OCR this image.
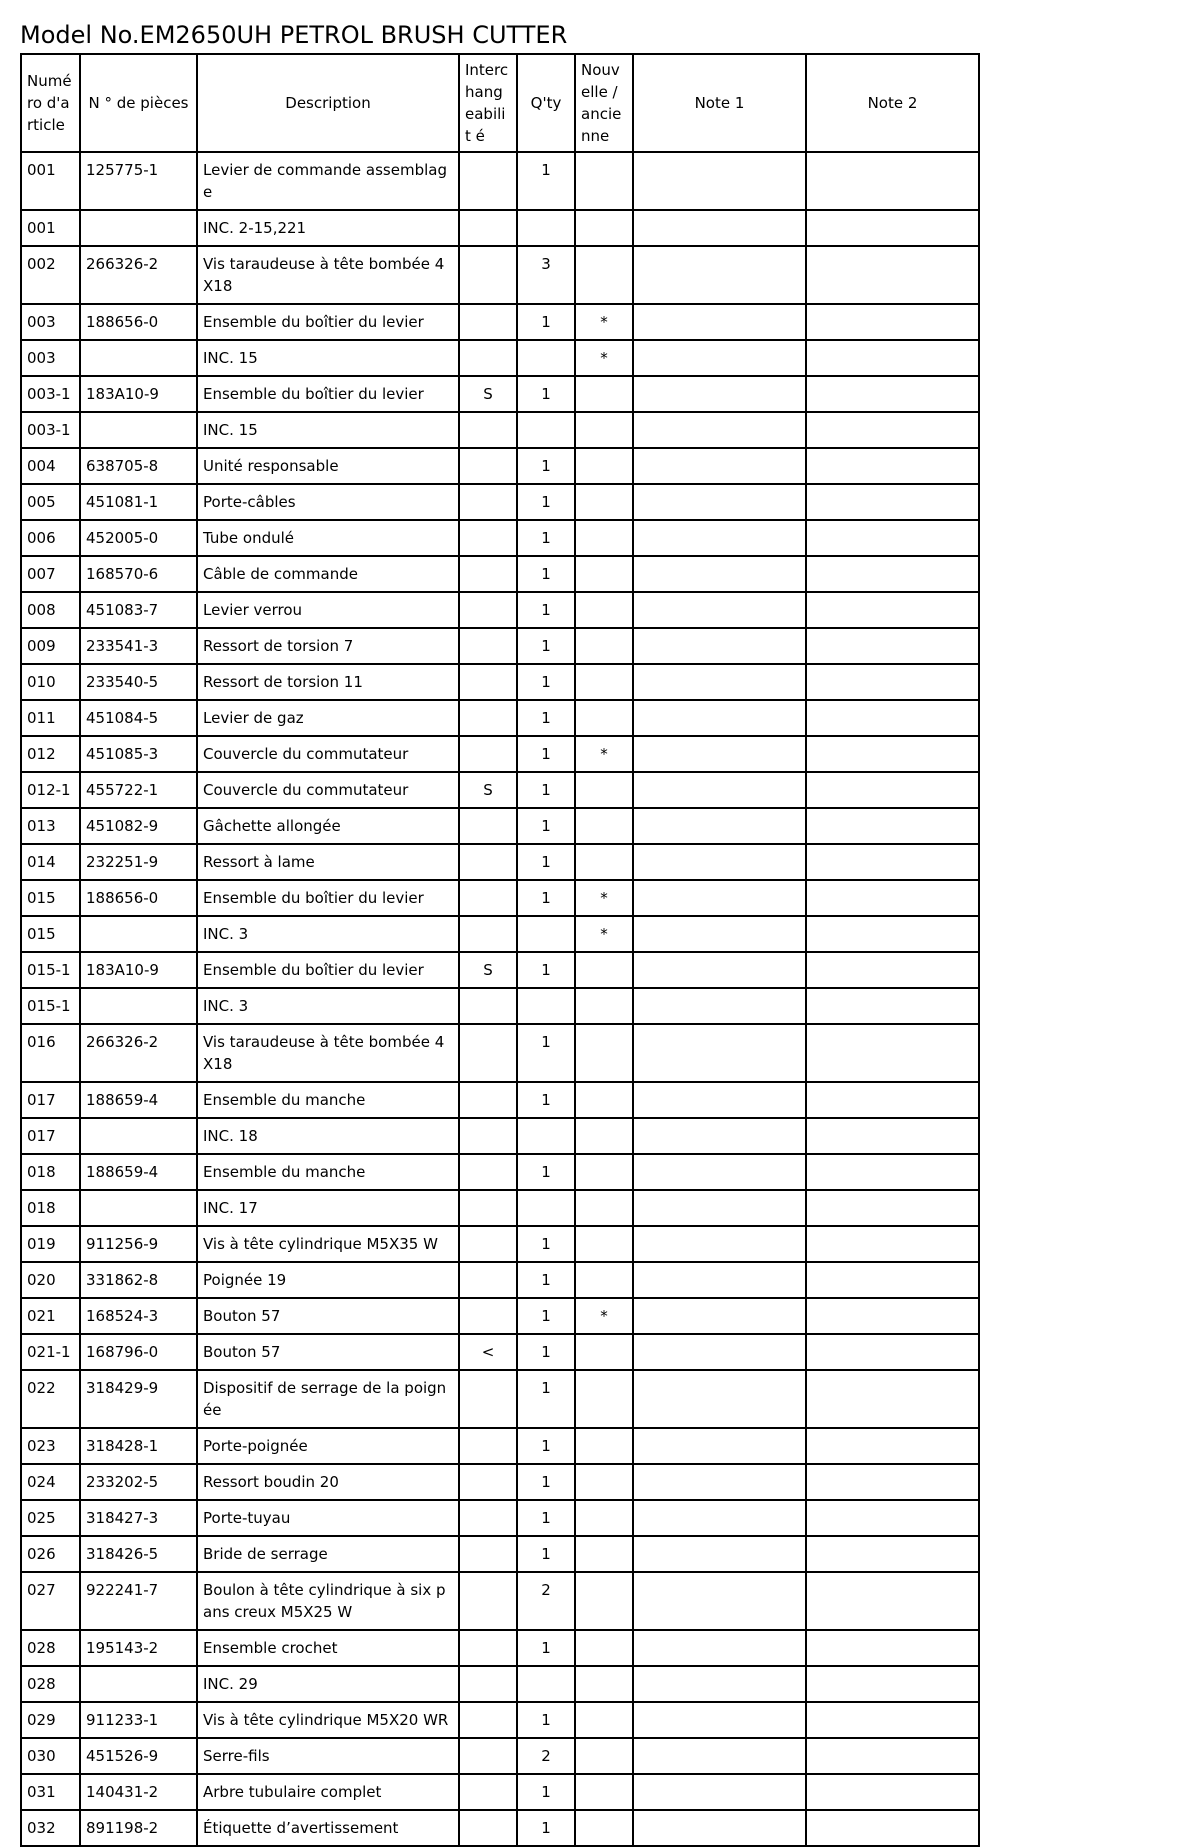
Model No.EM2650UH PETROL BRUSH CUTTER
Numé ro d'a rticle	N ° de pièces	Description	Interc hang eabilit é	Q'ty	Nouv elle / ancie nne	Note 1	Note 2
001	125775-1	Levier de commande assemblage		1			
001		INC. 2-15,221					
002	266326-2	Vis taraudeuse à tête bombée 4X18		3			
003	188656-0	Ensemble du boîtier du levier		1	*		
003		INC. 15			*		
003-1	183A10-9	Ensemble du boîtier du levier	S	1			
003-1		INC. 15					
004	638705-8	Unité responsable		1			
005	451081-1	Porte-câbles		1			
006	452005-0	Tube ondulé		1			
007	168570-6	Câble de commande		1			
008	451083-7	Levier verrou		1			
009	233541-3	Ressort de torsion 7		1			
010	233540-5	Ressort de torsion 11		1			
011	451084-5	Levier de gaz		1			
012	451085-3	Couvercle du commutateur		1	*		
012-1	455722-1	Couvercle du commutateur	S	1			
013	451082-9	Gâchette allongée		1			
014	232251-9	Ressort à lame		1			
015	188656-0	Ensemble du boîtier du levier		1	*		
015		INC. 3			*		
015-1	183A10-9	Ensemble du boîtier du levier	S	1			
015-1		INC. 3					
016	266326-2	Vis taraudeuse à tête bombée 4X18		1			
017	188659-4	Ensemble du manche		1			
017		INC. 18					
018	188659-4	Ensemble du manche		1			
018		INC. 17					
019	911256-9	Vis à tête cylindrique M5X35 W		1			
020	331862-8	Poignée 19		1			
021	168524-3	Bouton 57		1	*		
021-1	168796-0	Bouton 57	<	1			
022	318429-9	Dispositif de serrage de la poignée		1			
023	318428-1	Porte-poignée		1			
024	233202-5	Ressort boudin 20		1			
025	318427-3	Porte-tuyau		1			
026	318426-5	Bride de serrage		1			
027	922241-7	Boulon à tête cylindrique à six pans creux M5X25 W		2			
028	195143-2	Ensemble crochet		1			
028		INC. 29					
029	911233-1	Vis à tête cylindrique M5X20 WR		1			
030	451526-9	Serre-fils		2			
031	140431-2	Arbre tubulaire complet		1			
032	891198-2	Étiquette d’avertissement		1			
